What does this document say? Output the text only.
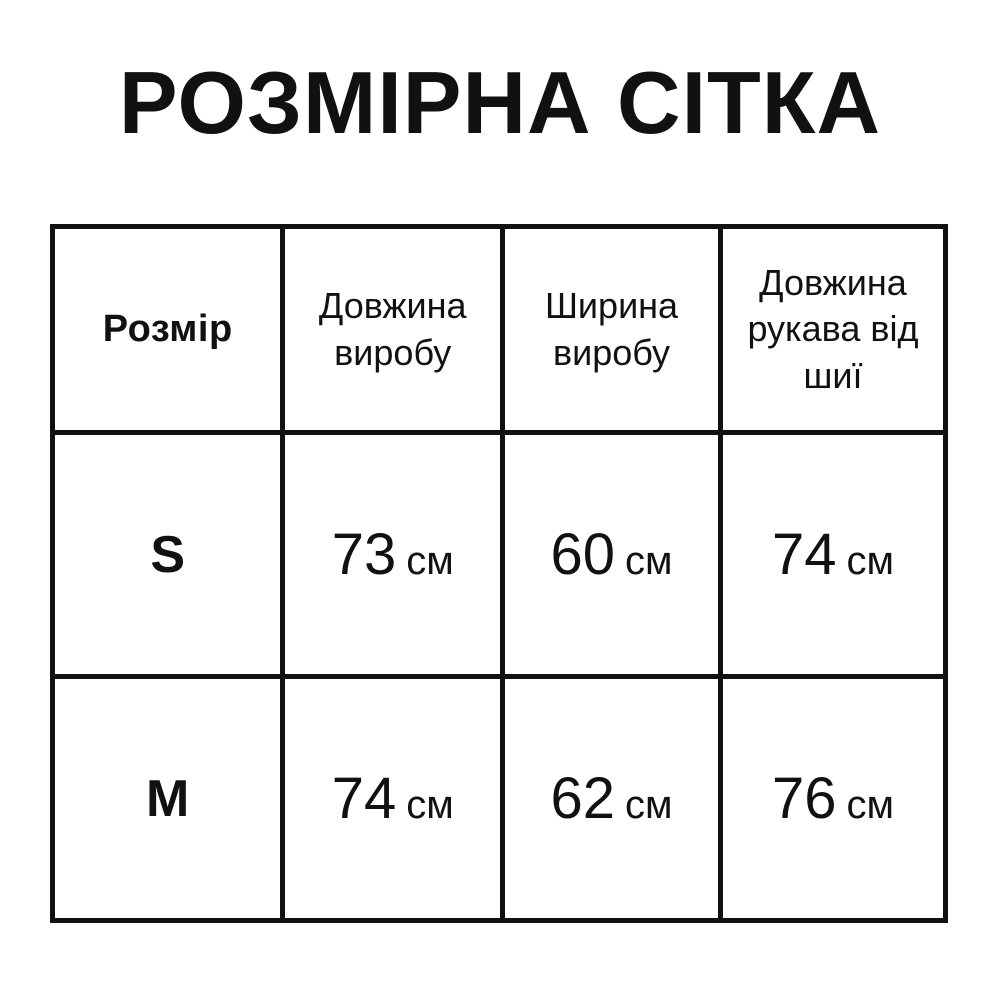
РОЗМІРНА СІТКА
Розмір	Довжина виробу	Ширина виробу	Довжина рукава від шиї
S	73 см	60 см	74 см
M	74 см	62 см	76 см
